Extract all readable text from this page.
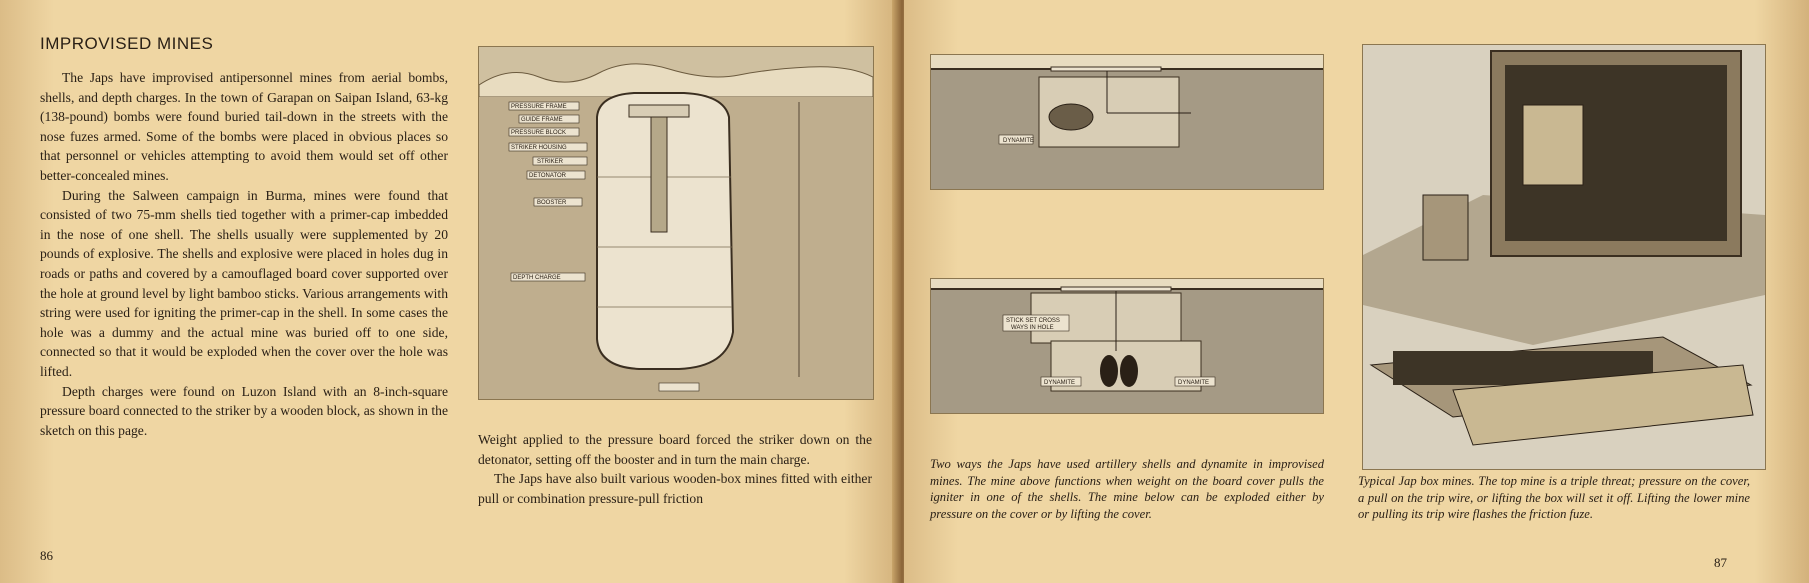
IMPROVISED MINES

The Japs have improvised antipersonnel mines from aerial bombs, shells, and depth charges. In the town of Garapan on Saipan Island, 63-kg (138-pound) bombs were found buried tail-down in the streets with the nose fuzes armed. Some of the bombs were placed in obvious places so that personnel or vehicles attempting to avoid them would set off other better-concealed mines.

During the Salween campaign in Burma, mines were found that consisted of two 75-mm shells tied together with a primer-cap imbedded in the nose of one shell. The shells usually were supplemented by 20 pounds of explosive. The shells and explosive were placed in holes dug in roads or paths and covered by a camouflaged board cover supported over the hole at ground level by light bamboo sticks. Various arrangements with string were used for igniting the primer-cap in the shell. In some cases the hole was a dummy and the actual mine was buried off to one side, connected so that it would be exploded when the cover over the hole was lifted.

Depth charges were found on Luzon Island with an 8-inch-square pressure board connected to the striker by a wooden block, as shown in the sketch on this page.

PRESSURE FRAME
GUIDE FRAME
PRESSURE BLOCK
STRIKER HOUSING
STRIKER
DETONATOR
BOOSTER
DEPTH CHARGE

Weight applied to the pressure board forced the striker down on the detonator, setting off the booster and in turn the main charge.

The Japs have also built various wooden-box mines fitted with either pull or combination pressure-pull friction

86
DYNAMITE
STICK SET CROSS
WAYS IN HOLE
DYNAMITE	DYNAMITE
Two ways the Japs have used artillery shells and dynamite in improvised mines. The mine above functions when weight on the board cover pulls the igniter in one of the shells. The mine below can be exploded either by pressure on the cover or by lifting the cover.
Typical Jap box mines. The top mine is a triple threat; pressure on the cover, a pull on the trip wire, or lifting the box will set it off. Lifting the lower mine or pulling its trip wire flashes the friction fuze.
87
